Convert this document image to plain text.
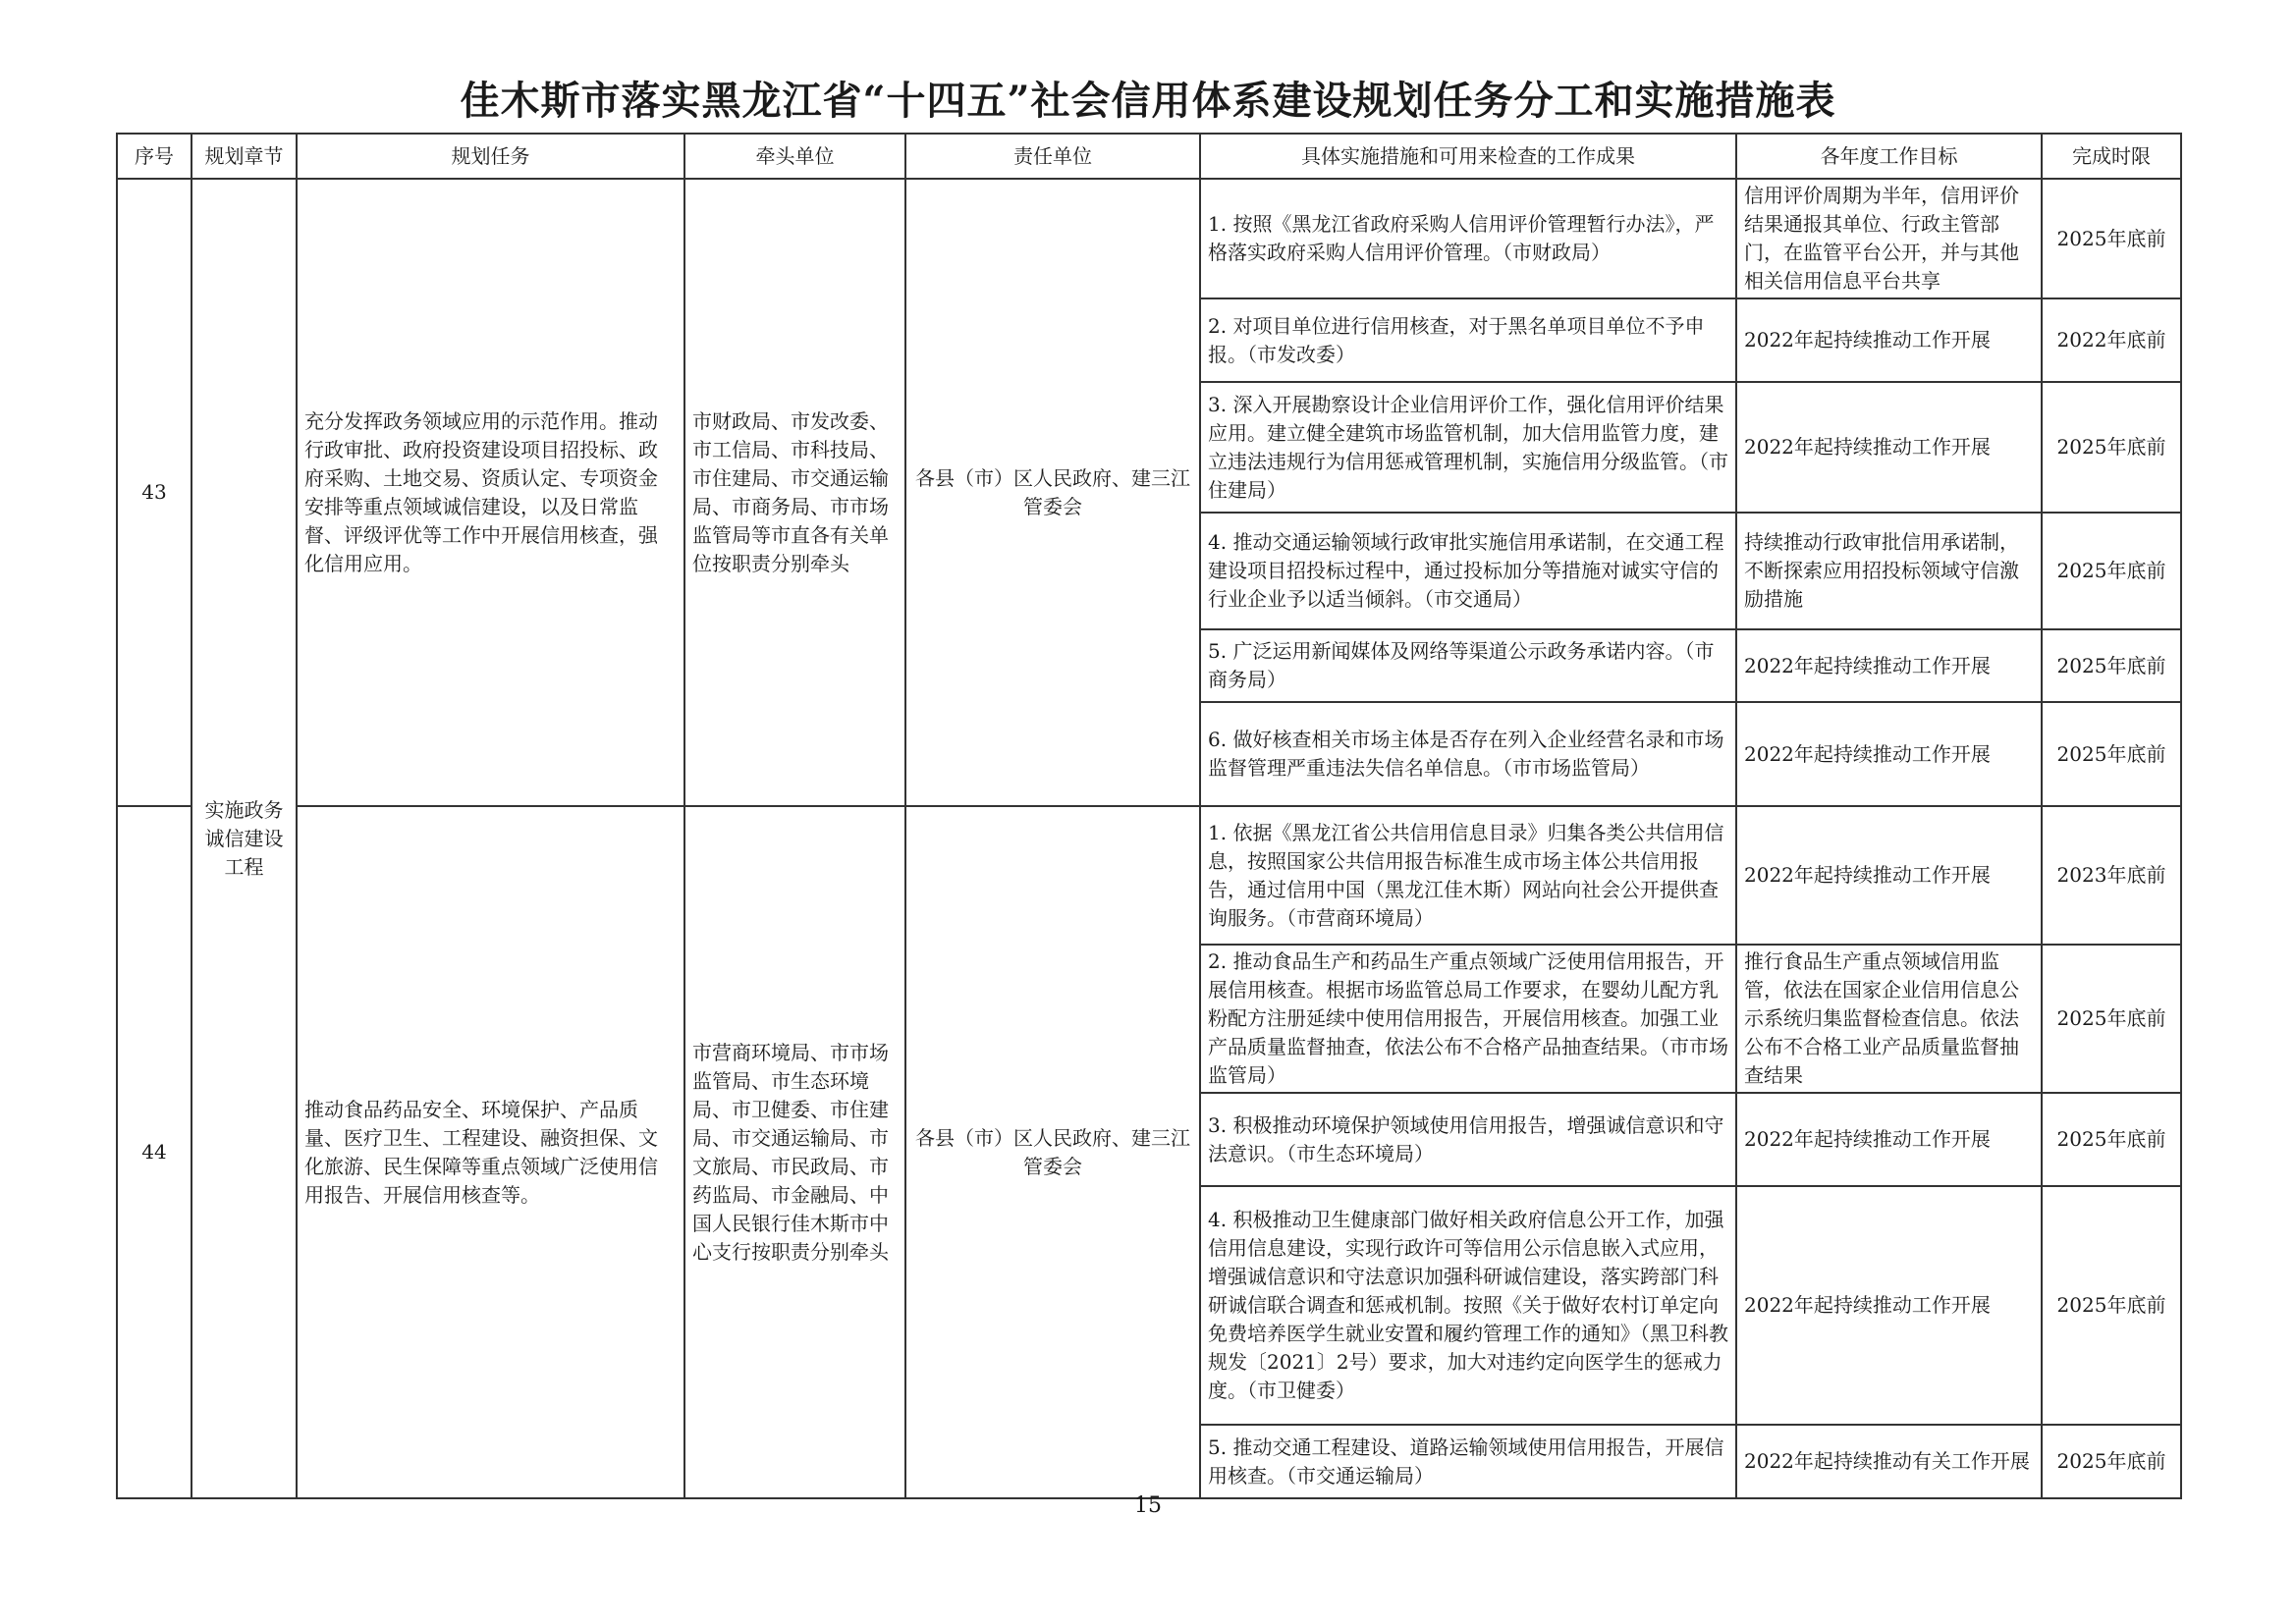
佳木斯市落实黑龙江省“十四五”社会信用体系建设规划任务分工和实施措施表
序号	规划章节	规划任务	牵头单位	责任单位	具体实施措施和可用来检查的工作成果	各年度工作目标	完成时限
43	实施政务诚信建设工程	充分发挥政务领域应用的示范作用。推动行政审批、政府投资建设项目招投标、政府采购、土地交易、资质认定、专项资金安排等重点领域诚信建设，以及日常监督、评级评优等工作中开展信用核查，强化信用应用。	市财政局、市发改委、市工信局、市科技局、市住建局、市交通运输局、市商务局、市市场监管局等市直各有关单位按职责分别牵头	各县（市）区人民政府、建三江管委会	1. 按照《黑龙江省政府采购人信用评价管理暂行办法》，严格落实政府采购人信用评价管理。（市财政局）	信用评价周期为半年，信用评价结果通报其单位、行政主管部门，在监管平台公开，并与其他相关信用信息平台共享	2025年底前
					2. 对项目单位进行信用核查，对于黑名单项目单位不予申报。（市发改委）	2022年起持续推动工作开展	2022年底前
					3. 深入开展勘察设计企业信用评价工作，强化信用评价结果应用。建立健全建筑市场监管机制，加大信用监管力度，建立违法违规行为信用惩戒管理机制，实施信用分级监管。（市住建局）	2022年起持续推动工作开展	2025年底前
					4. 推动交通运输领域行政审批实施信用承诺制，在交通工程建设项目招投标过程中，通过投标加分等措施对诚实守信的行业企业予以适当倾斜。（市交通局）	持续推动行政审批信用承诺制，不断探索应用招投标领域守信激励措施	2025年底前
					5. 广泛运用新闻媒体及网络等渠道公示政务承诺内容。（市商务局）	2022年起持续推动工作开展	2025年底前
					6. 做好核查相关市场主体是否存在列入企业经营名录和市场监督管理严重违法失信名单信息。（市市场监管局）	2022年起持续推动工作开展	2025年底前
44		推动食品药品安全、环境保护、产品质量、医疗卫生、工程建设、融资担保、文化旅游、民生保障等重点领域广泛使用信用报告、开展信用核查等。	市营商环境局、市市场监管局、市生态环境局、市卫健委、市住建局、市交通运输局、市文旅局、市民政局、市药监局、市金融局、中国人民银行佳木斯市中心支行按职责分别牵头	各县（市）区人民政府、建三江管委会	1. 依据《黑龙江省公共信用信息目录》归集各类公共信用信息，按照国家公共信用报告标准生成市场主体公共信用报告，通过信用中国（黑龙江佳木斯）网站向社会公开提供查询服务。（市营商环境局）	2022年起持续推动工作开展	2023年底前
					2. 推动食品生产和药品生产重点领域广泛使用信用报告，开展信用核查。根据市场监管总局工作要求，在婴幼儿配方乳粉配方注册延续中使用信用报告，开展信用核查。加强工业产品质量监督抽查，依法公布不合格产品抽查结果。（市市场监管局）	推行食品生产重点领域信用监管，依法在国家企业信用信息公示系统归集监督检查信息。依法公布不合格工业产品质量监督抽查结果	2025年底前
					3. 积极推动环境保护领域使用信用报告，增强诚信意识和守法意识。（市生态环境局）	2022年起持续推动工作开展	2025年底前
					4. 积极推动卫生健康部门做好相关政府信息公开工作，加强信用信息建设，实现行政许可等信用公示信息嵌入式应用，增强诚信意识和守法意识加强科研诚信建设，落实跨部门科研诚信联合调查和惩戒机制。按照《关于做好农村订单定向免费培养医学生就业安置和履约管理工作的通知》（黑卫科教规发〔2021〕2号）要求，加大对违约定向医学生的惩戒力度。（市卫健委）	2022年起持续推动工作开展	2025年底前
					5. 推动交通工程建设、道路运输领域使用信用报告，开展信用核查。（市交通运输局）	2022年起持续推动有关工作开展	2025年底前
15
